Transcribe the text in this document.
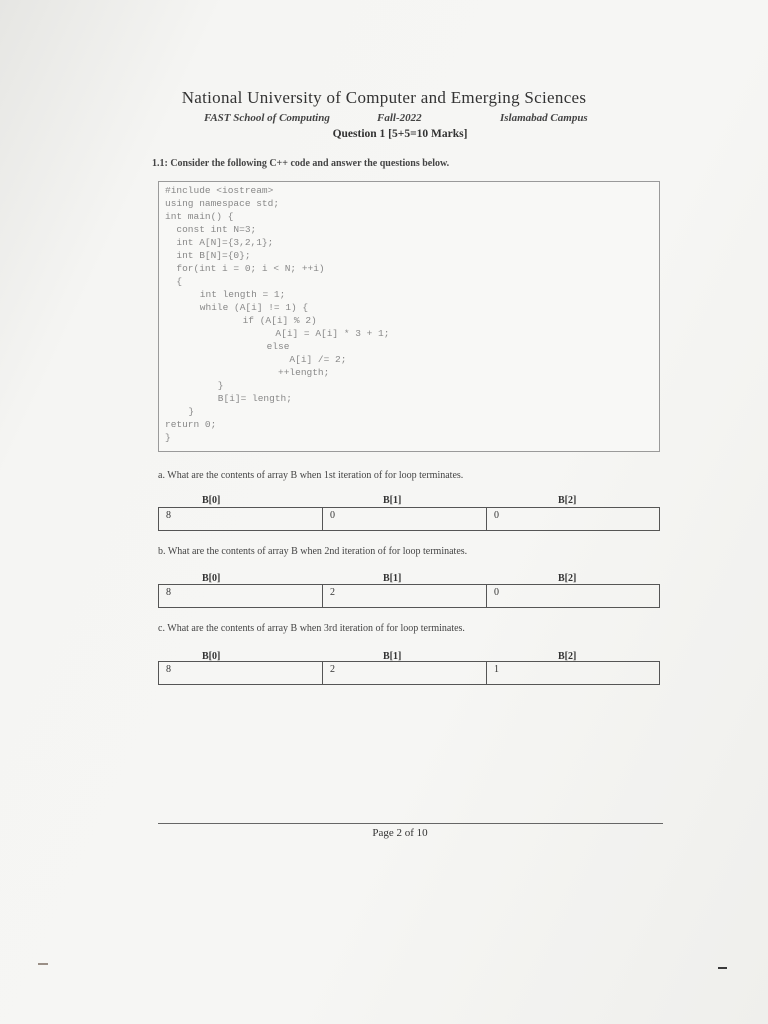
National University of Computer and Emerging Sciences
FAST School of Computing	Fall-2022	Islamabad Campus
Question 1 [5+5=10 Marks]
1.1: Consider the following C++ code and answer the questions below.
#include <iostream>
using namespace std;
int main() {
const int N=3;
int A[N]={3,2,1};
int B[N]={0};
for(int i = 0; i < N; ++i)
{
int length = 1;
while (A[i] != 1) {
if (A[i] % 2)
A[i] = A[i] * 3 + 1;
else
A[i] /= 2;
++length;
}
B[i]= length;
}
return 0;
}
a. What are the contents of array B when 1st iteration of for loop terminates.
B[0]	B[1]	B[2]
8	0	0
b. What are the contents of array B when 2nd iteration of for loop terminates.
B[0]	B[1]	B[2]
8	2	0
c. What are the contents of array B when 3rd iteration of for loop terminates.
B[0]	B[1]	B[2]
8	2	1
Page 2 of 10
